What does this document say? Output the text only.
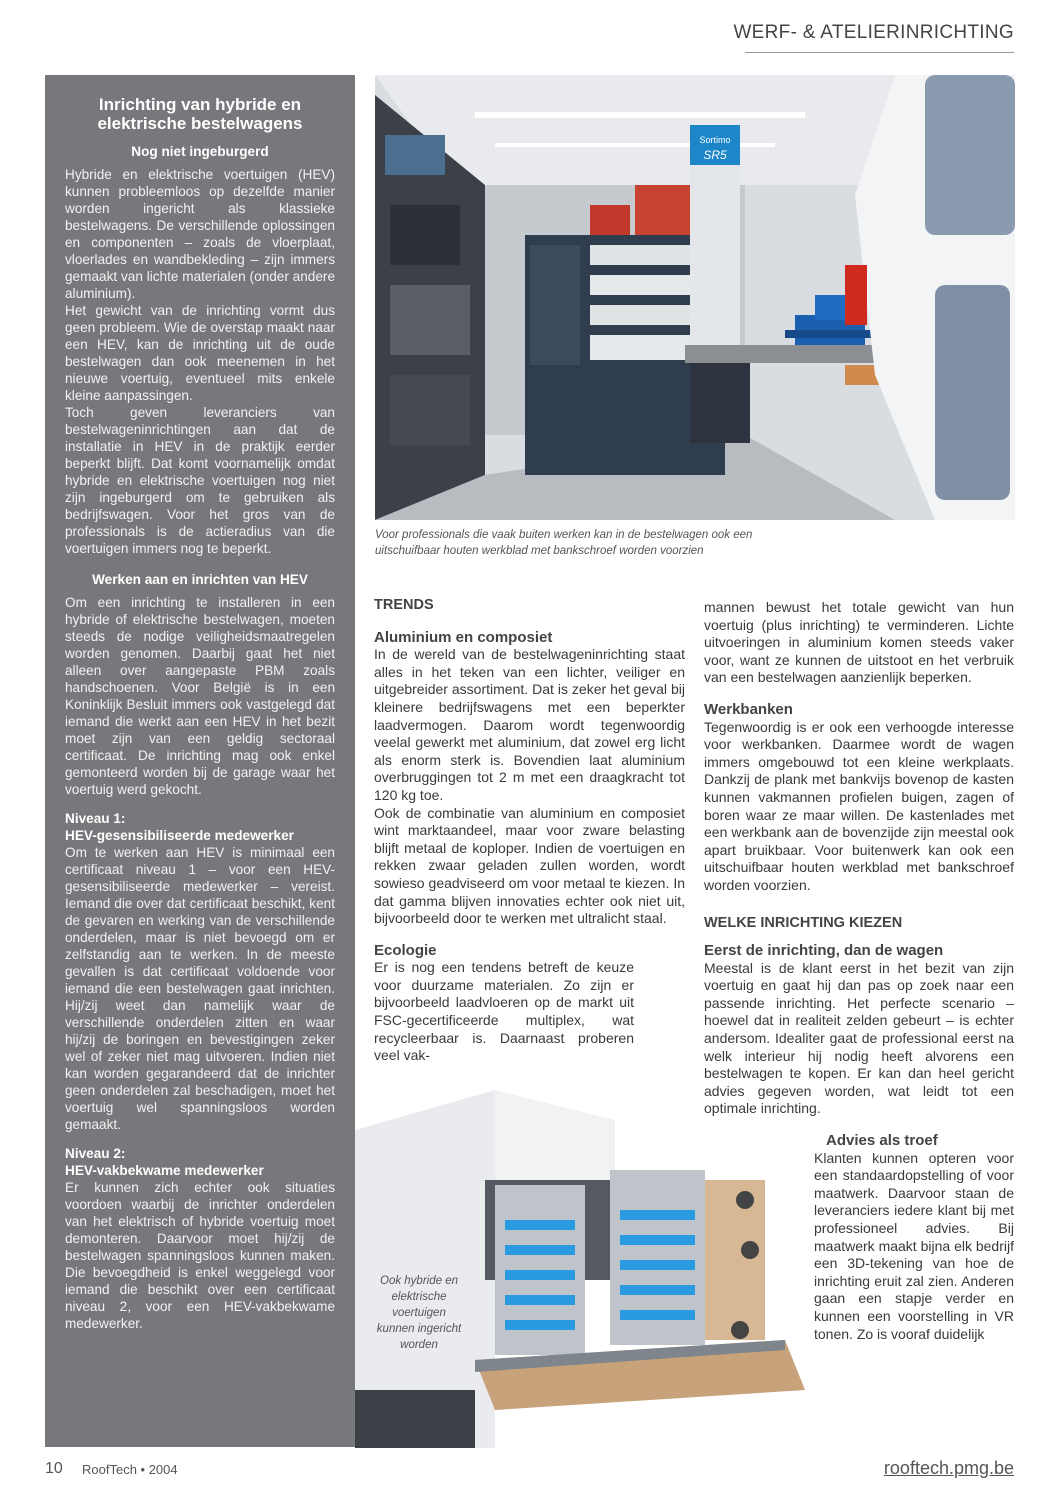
WERF- & ATELIERINRICHTING
Inrichting van hybride en elektrische bestelwagens
Nog niet ingeburgerd

Hybride en elektrische voertuigen (HEV) kunnen probleemloos op dezelfde manier worden ingericht als klassieke bestelwagens. De verschillende oplossingen en componenten – zoals de vloerplaat, vloerlades en wandbekleding – zijn immers gemaakt van lichte materialen (onder andere aluminium).

Het gewicht van de inrichting vormt dus geen probleem. Wie de overstap maakt naar een HEV, kan de inrichting uit de oude bestelwagen dan ook meenemen in het nieuwe voertuig, eventueel mits enkele kleine aanpassingen.

Toch geven leveranciers van bestelwageninrichtingen aan dat de installatie in HEV in de praktijk eerder beperkt blijft. Dat komt voornamelijk omdat hybride en elektrische voertuigen nog niet zijn ingeburgerd om te gebruiken als bedrijfswagen. Voor het gros van de professionals is de actieradius van die voertuigen immers nog te beperkt.

Werken aan en inrichten van HEV

Om een inrichting te installeren in een hybride of elektrische bestelwagen, moeten steeds de nodige veiligheidsmaatregelen worden genomen. Daarbij gaat het niet alleen over aangepaste PBM zoals handschoenen. Voor België is in een Koninklijk Besluit immers ook vastgelegd dat iemand die werkt aan een HEV in het bezit moet zijn van een geldig sectoraal certificaat. De inrichting mag ook enkel gemonteerd worden bij de garage waar het voertuig werd gekocht.

Niveau 1:
HEV-gesensibiliseerde medewerker

Om te werken aan HEV is minimaal een certificaat niveau 1 – voor een HEV-gesensibiliseerde medewerker – vereist. Iemand die over dat certificaat beschikt, kent de gevaren en werking van de verschillende onderdelen, maar is niet bevoegd om er zelfstandig aan te werken. In de meeste gevallen is dat certificaat voldoende voor iemand die een bestelwagen gaat inrichten. Hij/zij weet dan namelijk waar de verschillende onderdelen zitten en waar hij/zij de boringen en bevestigingen zeker wel of zeker niet mag uitvoeren. Indien niet kan worden gegarandeerd dat de inrichter geen onderdelen zal beschadigen, moet het voertuig wel spanningsloos worden gemaakt.

Niveau 2:
HEV-vakbekwame medewerker

Er kunnen zich echter ook situaties voordoen waarbij de inrichter onderdelen van het elektrisch of hybride voertuig moet demonteren. Daarvoor moet hij/zij de bestelwagen spanningsloos kunnen maken. Die bevoegdheid is enkel weggelegd voor iemand die beschikt over een certificaat niveau 2, voor een HEV-vakbekwame medewerker.

Sortimo
SR5
Voor professionals die vaak buiten werken kan in de bestelwagen ook een uitschuifbaar houten werkblad met bankschroef worden voorzien
TRENDS
Aluminium en composiet

In de wereld van de bestelwageninrichting staat alles in het teken van een lichter, veiliger en uitgebreider assortiment. Dat is zeker het geval bij kleinere bedrijfswagens met een beperkter laadvermogen. Daarom wordt tegenwoordig veelal gewerkt met aluminium, dat zowel erg licht als enorm sterk is. Bovendien laat aluminium overbruggingen tot 2 m met een draagkracht tot 120 kg toe.

Ook de combinatie van aluminium en composiet wint marktaandeel, maar voor zware belasting blijft metaal de koploper. Indien de voertuigen en rekken zwaar geladen zullen worden, wordt sowieso geadviseerd om voor metaal te kiezen. In dat gamma blijven innovaties echter ook niet uit, bijvoorbeeld door te werken met ultralicht staal.

Ecologie

Er is nog een tendens betreft de keuze voor duurzame materialen. Zo zijn er bijvoorbeeld laadvloeren op de markt uit FSC-gecertificeerde multiplex, wat recycleerbaar is. Daarnaast proberen veel vak-

mannen bewust het totale gewicht van hun voertuig (plus inrichting) te verminderen. Lichte uitvoeringen in aluminium komen steeds vaker voor, want ze kunnen de uitstoot en het verbruik van een bestelwagen aanzienlijk beperken.

Werkbanken

Tegenwoordig is er ook een verhoogde interesse voor werkbanken. Daarmee wordt de wagen immers omgebouwd tot een kleine werkplaats. Dankzij de plank met bankvijs bovenop de kasten kunnen vakmannen profielen buigen, zagen of boren waar ze maar willen. De kastenlades met een werkbank aan de bovenzijde zijn meestal ook apart bruikbaar. Voor buitenwerk kan ook een uitschuifbaar houten werkblad met bankschroef worden voorzien.

WELKE INRICHTING KIEZEN
Eerst de inrichting, dan de wagen

Meestal is de klant eerst in het bezit van zijn voertuig en gaat hij dan pas op zoek naar een passende inrichting. Het perfecte scenario – hoewel dat in realiteit zelden gebeurt – is echter andersom. Idealiter gaat de professional eerst na welk interieur hij nodig heeft alvorens een bestelwagen te kopen. Er kan dan heel gericht advies gegeven worden, wat leidt tot een optimale inrichting.

Advies als troef

Klanten kunnen opteren voor een standaardopstelling of voor maatwerk. Daarvoor staan de leveranciers iedere klant bij met professioneel advies. Bij maatwerk maakt bijna elk bedrijf een 3D-tekening van hoe de inrichting eruit zal zien. Anderen gaan een stapje verder en kunnen een voorstelling in VR tonen. Zo is vooraf duidelijk

Ook hybride en elektrische voertuigen kunnen ingericht worden
10 RoofTech • 2004	rooftech.pmg.be
